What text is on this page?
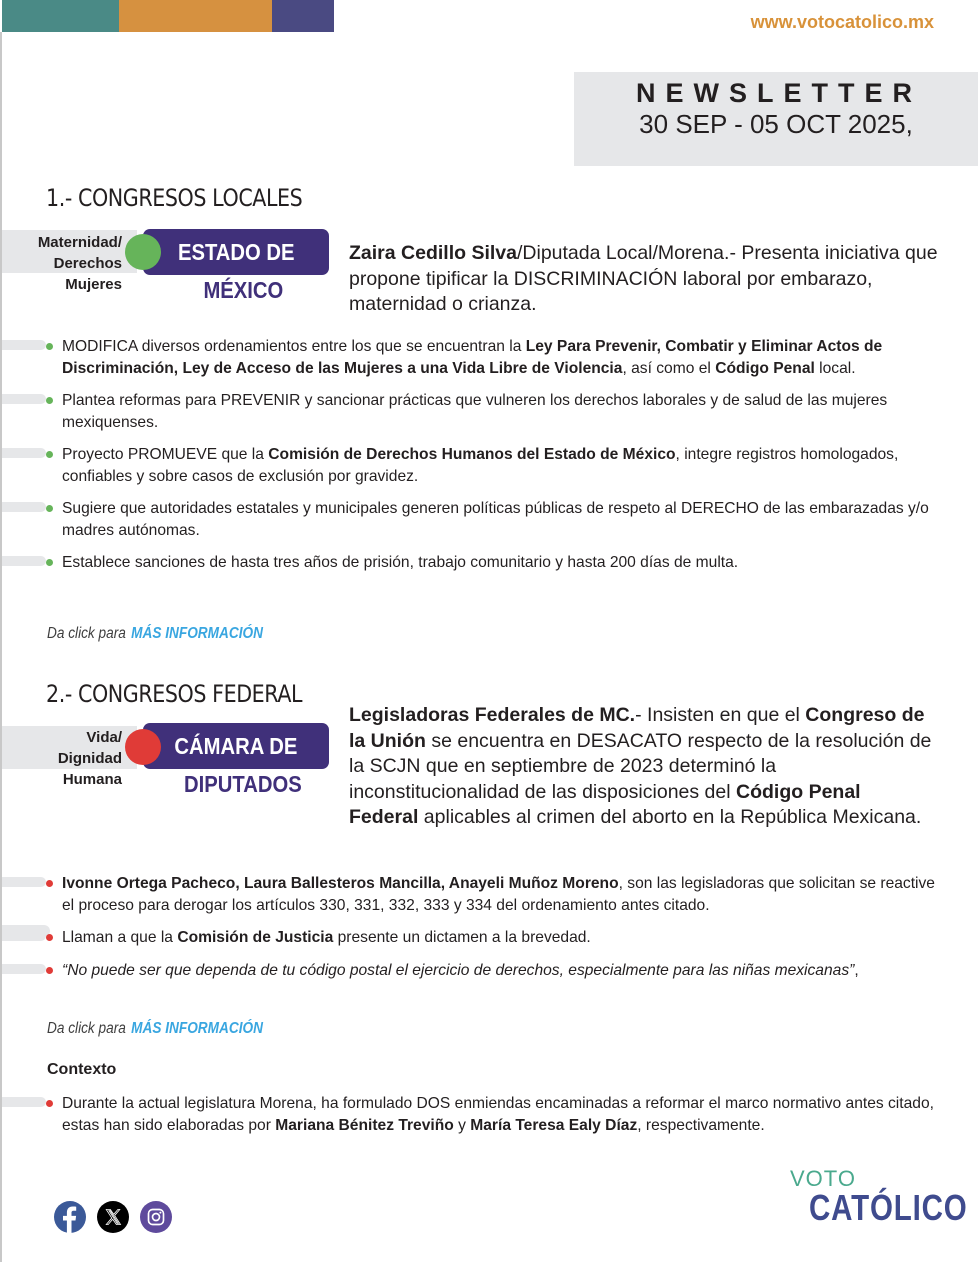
www.votocatolico.mx
NEWSLETTER
30 SEP - 05 OCT 2025,
1.- CONGRESOS LOCALES
Maternidad/
Derechos
Mujeres
ESTADO DE
MÉXICO
Zaira Cedillo Silva/Diputada Local/Morena.- Presenta iniciativa que propone tipificar la DISCRIMINACIÓN laboral por embarazo, maternidad o crianza.
MODIFICA diversos ordenamientos entre los que se encuentran la Ley Para Prevenir, Combatir y Eliminar Actos de Discriminación, Ley de Acceso de las Mujeres a una Vida Libre de Violencia, así como el Código Penal local.
Plantea reformas para PREVENIR y sancionar prácticas que vulneren los derechos laborales y de salud de las mujeres mexiquenses.
Proyecto PROMUEVE que la Comisión de Derechos Humanos del Estado de México, integre registros homologados, confiables y sobre casos de exclusión por gravidez.
Sugiere que autoridades estatales y municipales generen políticas públicas de respeto al DERECHO de las embarazadas y/o madres autónomas.
Establece sanciones de hasta tres años de prisión, trabajo comunitario y hasta 200 días de multa.
Da click para MÁS INFORMACIÓN
2.- CONGRESOS FEDERAL
Vida/
Dignidad
Humana
CÁMARA DE
DIPUTADOS
Legisladoras Federales de MC.- Insisten en que el Congreso de la Unión se encuentra en DESACATO respecto de la resolución de la SCJN que en septiembre de 2023 determinó la inconstitucionalidad de las disposiciones del Código Penal Federal aplicables al crimen del aborto en la República Mexicana.
Ivonne Ortega Pacheco, Laura Ballesteros Mancilla, Anayeli Muñoz Moreno, son las legisladoras que solicitan se reactive el proceso para derogar los artículos 330, 331, 332, 333 y 334 del ordenamiento antes citado.
Llaman a que la Comisión de Justicia presente un dictamen a la brevedad.
“No puede ser que dependa de tu código postal el ejercicio de derechos, especialmente para las niñas mexicanas”,
Da click para MÁS INFORMACIÓN
Contexto
Durante la actual legislatura Morena, ha formulado DOS enmiendas encaminadas a reformar el marco normativo antes citado, estas han sido elaboradas por Mariana Bénitez Treviño y María Teresa Ealy Díaz, respectivamente.
VOTO
CATÓLICO
